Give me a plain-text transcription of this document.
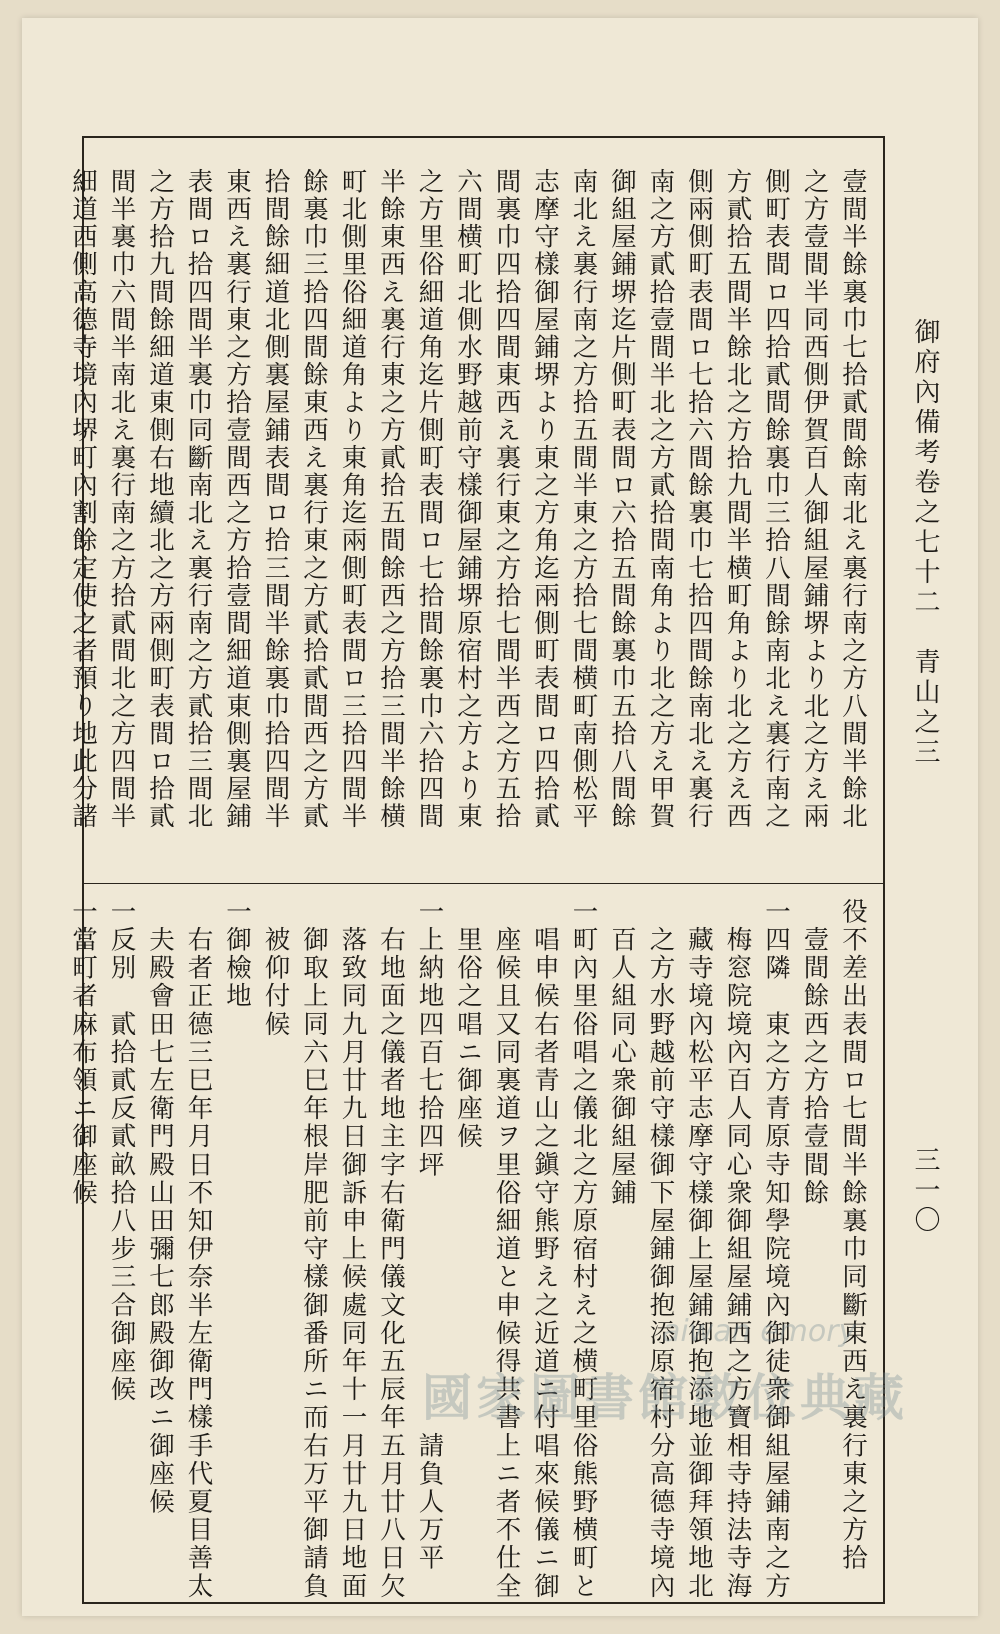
御府內備考卷之七十二　青山之三
三一〇
壹間半餘裏巾七拾貳間餘南北え裏行南之方八間半餘北
之方壹間半同西側伊賀百人御組屋鋪堺より北之方え兩
側町表間ロ四拾貳間餘裏巾三拾八間餘南北え裏行南之
方貳拾五間半餘北之方拾九間半横町角より北之方え西
側兩側町表間ロ七拾六間餘裏巾七拾四間餘南北え裏行
南之方貳拾壹間半北之方貳拾間南角より北之方え甲賀
御組屋鋪堺迄片側町表間ロ六拾五間餘裏巾五拾八間餘
南北え裏行南之方拾五間半東之方拾七間横町南側松平
志摩守樣御屋鋪堺より東之方角迄兩側町表間ロ四拾貳
間裏巾四拾四間東西え裏行東之方拾七間半西之方五拾
六間横町北側水野越前守樣御屋鋪堺原宿村之方より東
之方里俗細道角迄片側町表間ロ七拾間餘裏巾六拾四間
半餘東西え裏行東之方貳拾五間餘西之方拾三間半餘横
町北側里俗細道角より東角迄兩側町表間ロ三拾四間半
餘裏巾三拾四間餘東西え裏行東之方貳拾貳間西之方貳
拾間餘細道北側裏屋鋪表間ロ拾三間半餘裏巾拾四間半
東西え裏行東之方拾壹間西之方拾壹間細道東側裏屋鋪
表間ロ拾四間半裏巾同斷南北え裏行南之方貳拾三間北
之方拾九間餘細道東側右地續北之方兩側町表間ロ拾貳
間半裏巾六間半南北え裏行南之方拾貳間北之方四間半
細道西側高德寺境內堺町內割餘定使之者預り地此分諸
役不差出表間ロ七間半餘裏巾同斷東西え裏行東之方拾
　壹間餘西之方拾壹間餘
一四隣　東之方青原寺知學院境內御徒衆御組屋鋪南之方
　梅窓院境內百人同心衆御組屋鋪西之方寶相寺持法寺海
　藏寺境內松平志摩守樣御上屋鋪御抱添地並御拜領地北
　之方水野越前守樣御下屋鋪御抱添原宿村分高德寺境內
　百人組同心衆御組屋鋪
一町內里俗唱之儀北之方原宿村え之横町里俗熊野横町と
　唱申候右者青山之鎭守熊野え之近道ニ付唱來候儀ニ御
　座候且又同裏道ヲ里俗細道と申候得共書上ニ者不仕全
　里俗之唱ニ御座候
一上納地四百七拾四坪　　　　　　　　　請負人万平
　右地面之儀者地主字右衛門儀文化五辰年五月廿八日欠
　落致同九月廿九日御訴申上候處同年十一月廿九日地面
　御取上同六巳年根岸肥前守樣御番所ニ而右万平御請負
　被仰付候
一御檢地
　右者正德三巳年月日不知伊奈半左衛門樣手代夏目善太
　夫殿會田七左衛門殿山田彌七郎殿御改ニ御座候
一反別　貳拾貳反貳畝拾八步三合御座候
一當町者麻布領ニ御座候
aiwan emory
國家圖書館數位典藏
